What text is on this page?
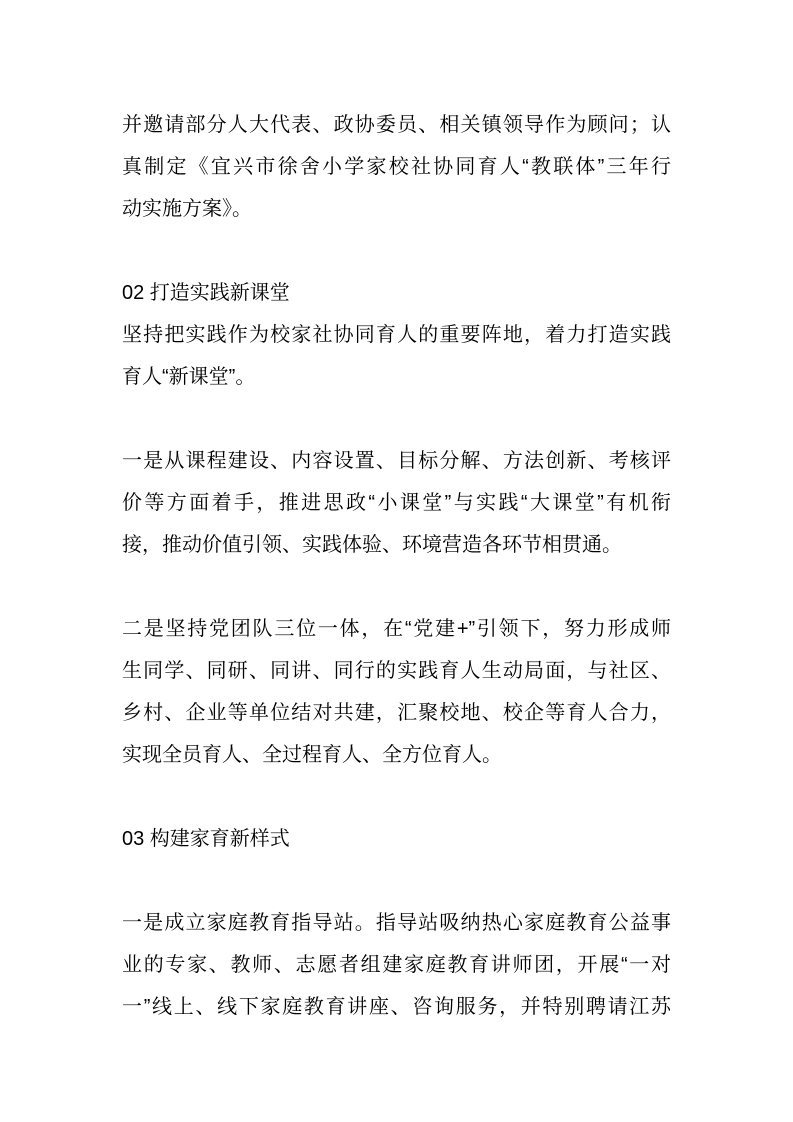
并邀请部分人大代表、政协委员、相关镇领导作为顾问；认
真制定《宜兴市徐舍小学家校社协同育人“教联体”三年行
动实施方案》。
02 打造实践新课堂
坚持把实践作为校家社协同育人的重要阵地，着力打造实践
育人“新课堂”。
一是从课程建设、内容设置、目标分解、方法创新、考核评
价等方面着手，推进思政“小课堂”与实践“大课堂”有机衔
接，推动价值引领、实践体验、环境营造各环节相贯通。
二是坚持党团队三位一体，在“党建+”引领下，努力形成师
生同学、同研、同讲、同行的实践育人生动局面，与社区、
乡村、企业等单位结对共建，汇聚校地、校企等育人合力，
实现全员育人、全过程育人、全方位育人。
03 构建家育新样式
一是成立家庭教育指导站。指导站吸纳热心家庭教育公益事
业的专家、教师、志愿者组建家庭教育讲师团，开展“一对
一”线上、线下家庭教育讲座、咨询服务，并特别聘请江苏
